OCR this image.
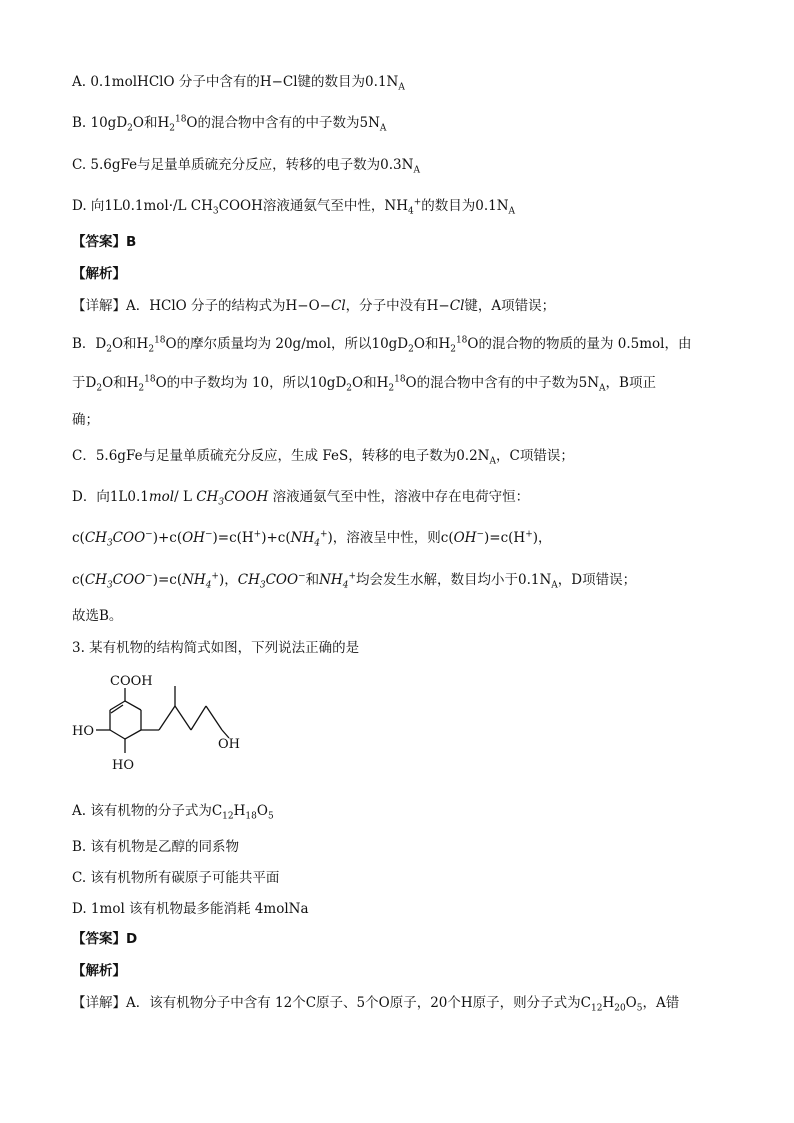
A. 0.1molHClO 分子中含有的H−Cl键的数目为$0.1N_A$
B. $10gD_2O$和$H_2^{18}O$的混合物中含有的中子数为$5N_A$
C. 5.6gFe与足量单质硫充分反应，转移的电子数为$0.3N_A$
D. 向1L0.1mol·/L $CH_3COOH$溶液通氨气至中性，$NH_4^+$的数目为$0.1N_A$
【答案】B
【解析】
【详解】A．HClO 分子的结构式为H−O−Cl，分子中没有H−Cl键，A项错误；
B．$D_2O$和$H_2^{18}O$的摩尔质量均为 20g/mol，所以$10gD_2O$和$H_2^{18}O$的混合物的物质的量为 0.5mol，由
于$D_2O$和$H_2^{18}O$的中子数均为 10，所以$10gD_2O$和$H_2^{18}O$的混合物中含有的中子数为$5N_A$，B项正
确；
C．5.6gFe与足量单质硫充分反应，生成 FeS，转移的电子数为$0.2N_A$，C项错误；
D．向1L0.1mol/ L $CH_3COOH$ 溶液通氨气至中性，溶液中存在电荷守恒：
$c(CH_3COO^-)+c(OH^-)=c(H^+)+c(NH_4^+)$，溶液呈中性，则c(OH−)=c(H+)，
$c(CH_3COO^-)=c(NH_4^+)$，$CH_3COO^-$和$NH_4^+$均会发生水解，数目均小于$0.1N_A$，D项错误；
故选B。
3. 某有机物的结构简式如图，下列说法正确的是
COOH
HO
HO
OH
A. 该有机物的分子式为$C_{12}H_{18}O_5$
B. 该有机物是乙醇的同系物
C. 该有机物所有碳原子可能共平面
D. 1mol 该有机物最多能消耗 4molNa
【答案】D
【解析】
【详解】A．该有机物分子中含有 12个C原子、5个O原子，20个H原子，则分子式为$C_{12}H_{20}O_5$，A错
